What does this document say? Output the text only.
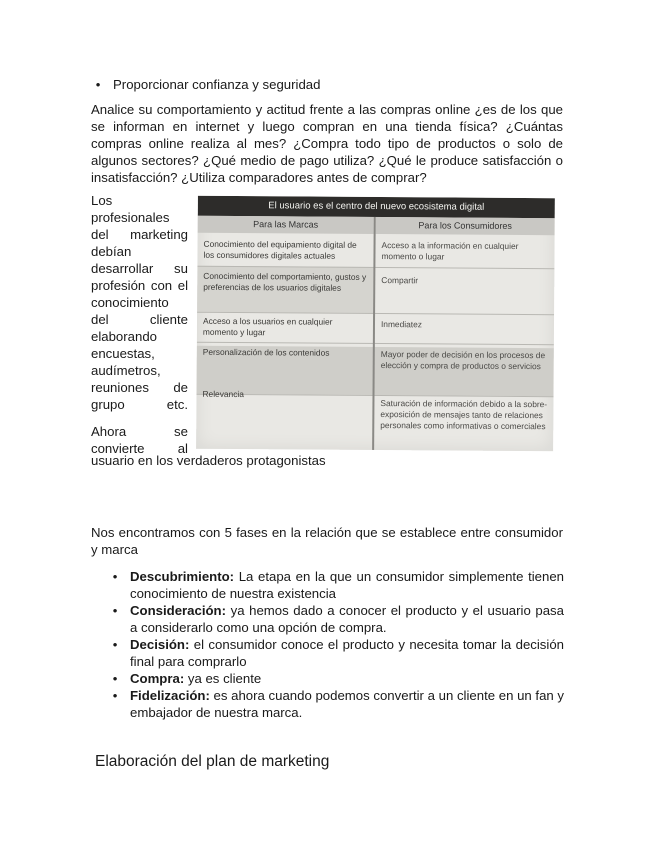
• Proporcionar confianza y seguridad
Analice su comportamiento y actitud frente a las compras online ¿es de los que se informan en internet y luego compran en una tienda física? ¿Cuántas compras online realiza al mes? ¿Compra todo tipo de productos o solo de algunos sectores? ¿Qué medio de pago utiliza? ¿Qué le produce satisfacción o insatisfacción? ¿Utiliza comparadores antes de comprar?

Los profesionales del marketing debían desarrollar su profesión con el conocimiento del cliente elaborando encuestas, audímetros, reuniones de grupo etc.

Ahora se convierte al

usuario en los verdaderos protagonistas
El usuario es el centro del nuevo ecosistema digital
Para las Marcas	Para los Consumidores
Conocimiento del equipamiento digital de los consumidores digitales actuales
Acceso a la información en cualquier momento o lugar
Conocimiento del comportamiento, gustos y preferencias de los usuarios digitales
Compartir
Acceso a los usuarios en cualquier momento y lugar
Inmediatez
Personalización de los contenidos	Mayor poder de decisión en los procesos de elección y compra de productos o servicios
Relevancia
Saturación de información debido a la sobre-exposición de mensajes tanto de relaciones personales como informativas o comerciales
Nos encontramos con 5 fases en la relación que se establece entre consumidor y marca
• Descubrimiento: La etapa en la que un consumidor simplemente tienen conocimiento de nuestra existencia
• Consideración: ya hemos dado a conocer el producto y el usuario pasa a considerarlo como una opción de compra.
• Decisión: el consumidor conoce el producto y necesita tomar la decisión final para comprarlo
• Compra: ya es cliente
• Fidelización: es ahora cuando podemos convertir a un cliente en un fan y embajador de nuestra marca.
Elaboración del plan de marketing
